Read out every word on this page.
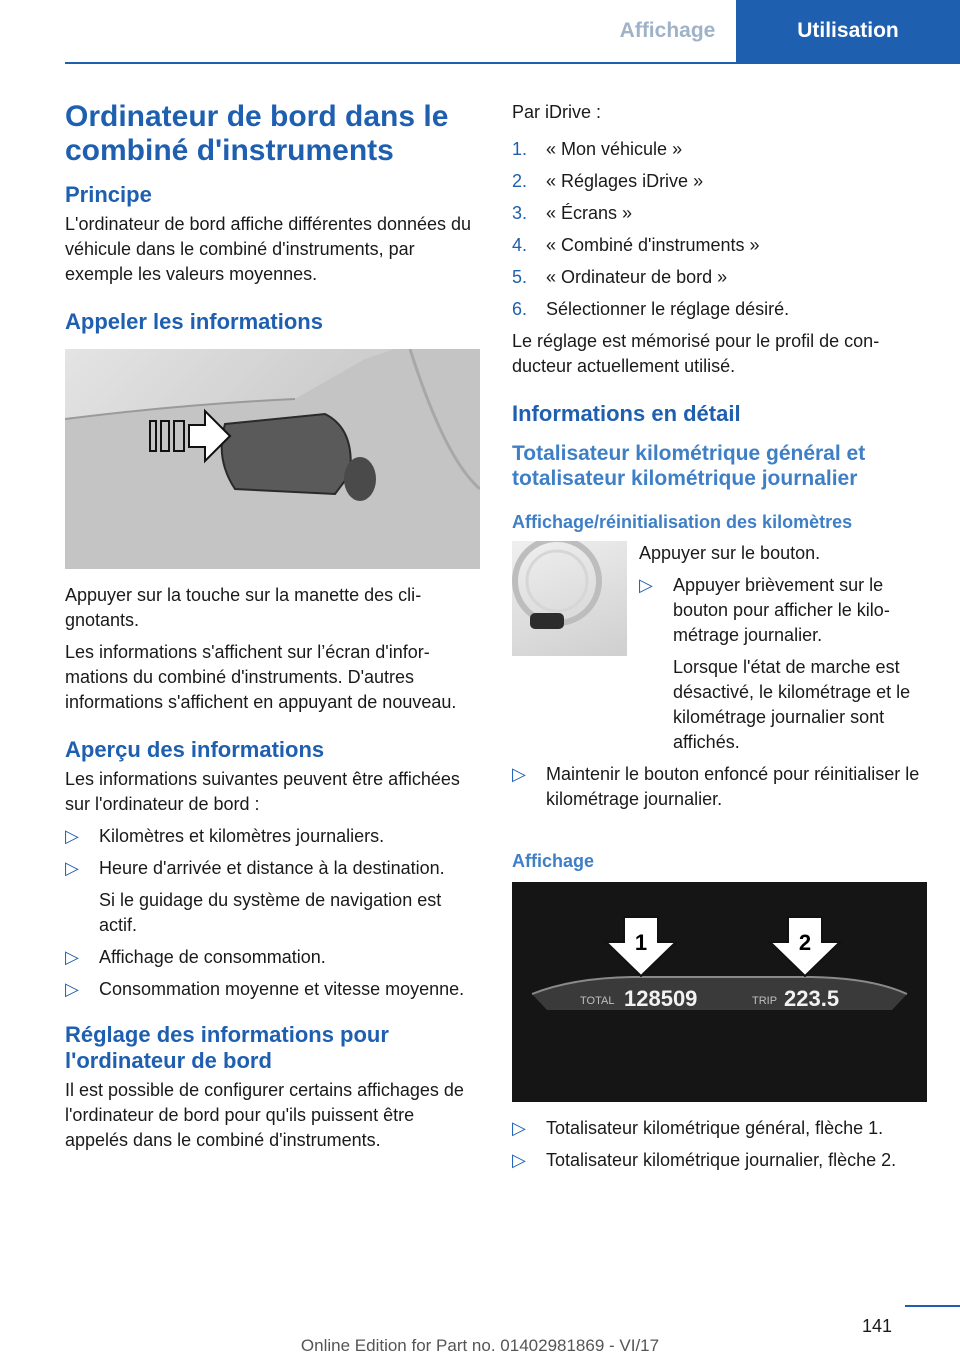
Affichage	Utilisation
Ordinateur de bord dans le combiné d'instruments
Principe

L'ordinateur de bord affiche différentes données du véhicule dans le combiné d'instruments, par exemple les valeurs moyennes.

Appeler les informations

Appuyer sur la touche sur la manette des clignotants.

Les informations s'affichent sur l’écran d'informations du combiné d'instruments. D'autres informations s'affichent en appuyant de nouveau.

Aperçu des informations

Les informations suivantes peuvent être affichées sur l'ordinateur de bord :

▷ Kilomètres et kilomètres journaliers.
▷ Heure d'arrivée et distance à la destination.

Si le guidage du système de navigation est actif.

▷ Affichage de consommation.
▷ Consommation moyenne et vitesse moyenne.
Réglage des informations pour l'ordinateur de bord

Il est possible de configurer certains affichages de l'ordinateur de bord pour qu'ils puissent être appelés dans le combiné d'instruments.

Par iDrive :

1. « Mon véhicule »
2. « Réglages iDrive »
3. « Écrans »
4. « Combiné d'instruments »
5. « Ordinateur de bord »
6. Sélectionner le réglage désiré.

Le réglage est mémorisé pour le profil de conducteur actuellement utilisé.

Informations en détail
Totalisateur kilométrique général et totalisateur kilométrique journalier
Affichage/réinitialisation des kilomètres

Appuyer sur le bouton.

▷ Appuyer brièvement sur le bouton pour afficher le kilométrage journalier.

Lorsque l'état de marche est désactivé, le kilométrage et le kilométrage journalier sont affichés.

▷ Maintenir le bouton enfoncé pour réinitialiser le kilométrage journalier.
Affichage
1	2
TOTAL 128509	TRIP 223.5
▷ Totalisateur kilométrique général, flèche 1.
▷ Totalisateur kilométrique journalier, flèche 2.
141
Online Edition for Part no. 01402981869 - VI/17
